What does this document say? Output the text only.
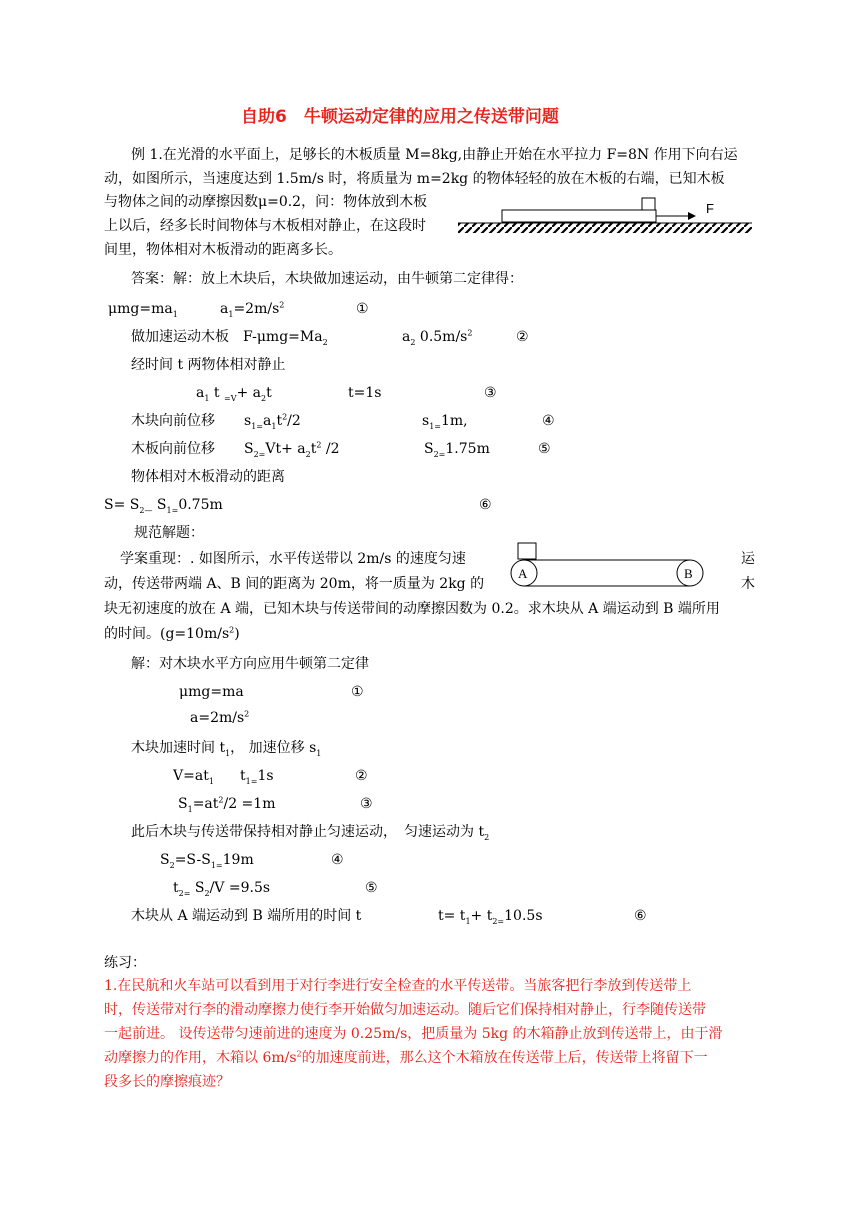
自助6　牛顿运动定律的应用之传送带问题
例 1.在光滑的水平面上，足够长的木板质量 M=8kg,由静止开始在水平拉力 F=8N 作用下向右运
动，如图所示，当速度达到 1.5m/s 时，将质量为 m=2kg 的物体轻轻的放在木板的右端，已知木板
与物体之间的动摩擦因数μ=0.2，问：物体放到木板
上以后，经多长时间物体与木板相对静止，在这段时
间里，物体相对木板滑动的距离多长。
F
答案：解：放上木块后，木块做加速运动，由牛顿第二定律得：
$\mu mg=ma_1$	$a_1=2m/s^2$	①
做加速运动木板　$F-\mu mg=Ma_2$	$a_2$ $0.5m/s^2$	②
经时间 t 两物体相对静止
$a_1$ t $_{=V}+ a_2t$	t=1s	③
木块向前位移 $s_{1=}a_1t^2/2$	$s_{1=}1m$,	④
木板向前位移 $S_{2=}Vt+ a_2t^2$ /2	$S_{2=}1.75m$	⑤
物体相对木板滑动的距离
$S= S_{2—}$ $S_{1=}0.75m$	⑥
规范解题：
学案重现：. 如图所示，水平传送带以 2m/s 的速度匀速	运
动，传送带两端 A、B 间的距离为 20m，将一质量为 2kg 的	木
块无初速度的放在 A 端，已知木块与传送带间的动摩擦因数为 0.2。求木块从 A 端运动到 B 端所用
的时间。$(g=10m/s^2)$
A	B
解：对木块水平方向应用牛顿第二定律
μmg=ma	①
$a=2m/s^2$
木块加速时间 $t_1$， 加速位移 $s_1$
$V=at_1$ $t_{1=}1s$	②
$S_1=at^2/2 =1m$	③
此后木块与传送带保持相对静止匀速运动，　匀速运动为 $t_2$
$S_2=S-S_{1=}19m$	④
$t_{2=}$ $S_2/V =9.5s$	⑤
木块从 A 端运动到 B 端所用的时间 t	$t= t_1+ t_{2=}10.5s$	⑥
练习：
1.在民航和火车站可以看到用于对行李进行安全检查的水平传送带。当旅客把行李放到传送带上
时，传送带对行李的滑动摩擦力使行李开始做匀加速运动。随后它们保持相对静止，行李随传送带
一起前进。 设传送带匀速前进的速度为 0.25m/s，把质量为 5kg 的木箱静止放到传送带上，由于滑
动摩擦力的作用，木箱以 $6m/s^2$的加速度前进，那么这个木箱放在传送带上后，传送带上将留下一
段多长的摩擦痕迹？
